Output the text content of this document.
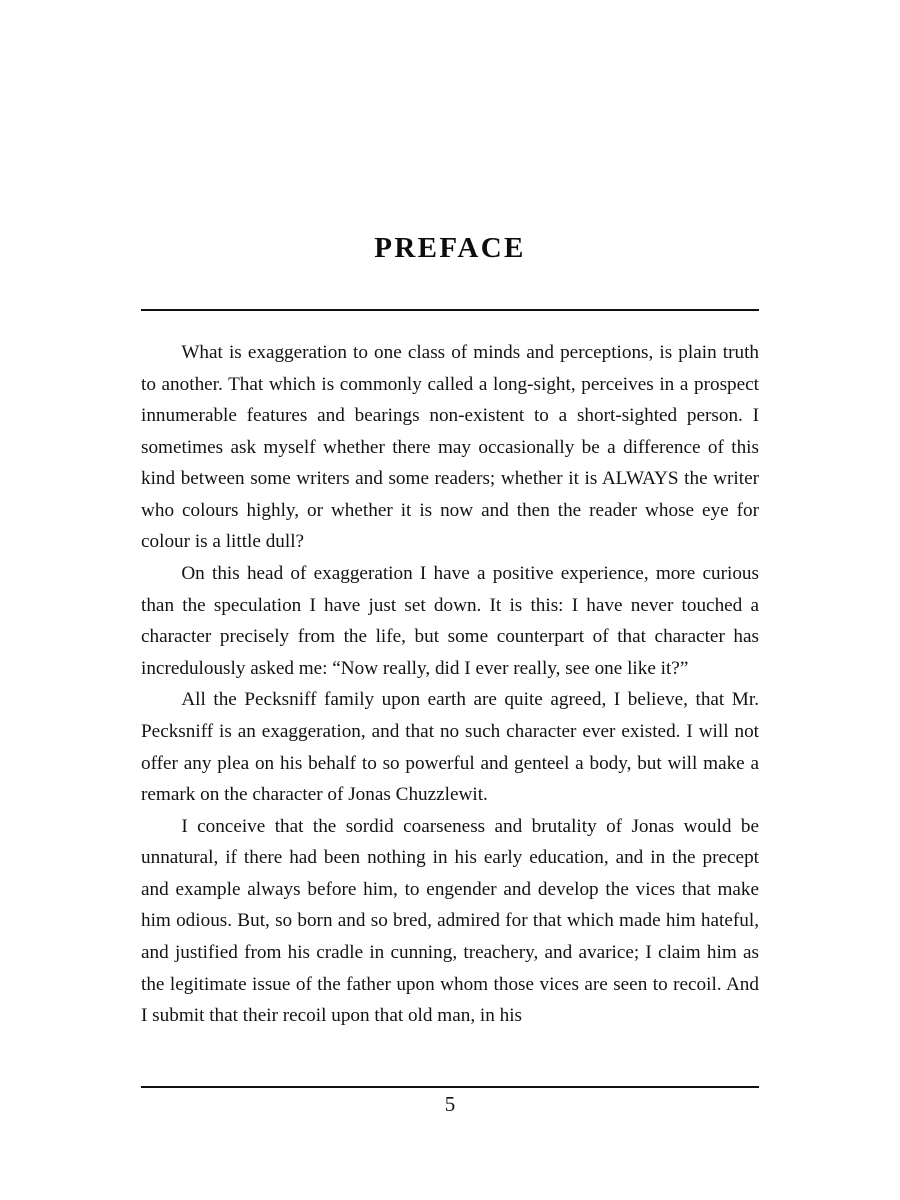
PREFACE

What is exaggeration to one class of minds and perceptions, is plain truth to another. That which is commonly called a long-sight, perceives in a prospect innumerable features and bearings non-existent to a short-sighted person. I sometimes ask myself whether there may occasionally be a difference of this kind between some writers and some readers; whether it is ALWAYS the writer who colours highly, or whether it is now and then the reader whose eye for colour is a little dull?

On this head of exaggeration I have a positive experience, more curious than the speculation I have just set down. It is this: I have never touched a character precisely from the life, but some counterpart of that character has incredulously asked me: “Now really, did I ever really, see one like it?”

All the Pecksniff family upon earth are quite agreed, I believe, that Mr. Pecksniff is an exaggeration, and that no such character ever existed. I will not offer any plea on his behalf to so powerful and genteel a body, but will make a remark on the character of Jonas Chuzzlewit.

I conceive that the sordid coarseness and brutality of Jonas would be unnatural, if there had been nothing in his early education, and in the precept and example always before him, to engender and develop the vices that make him odious. But, so born and so bred, admired for that which made him hateful, and justified from his cradle in cunning, treachery, and avarice; I claim him as the legitimate issue of the father upon whom those vices are seen to recoil. And I submit that their recoil upon that old man, in his

5
